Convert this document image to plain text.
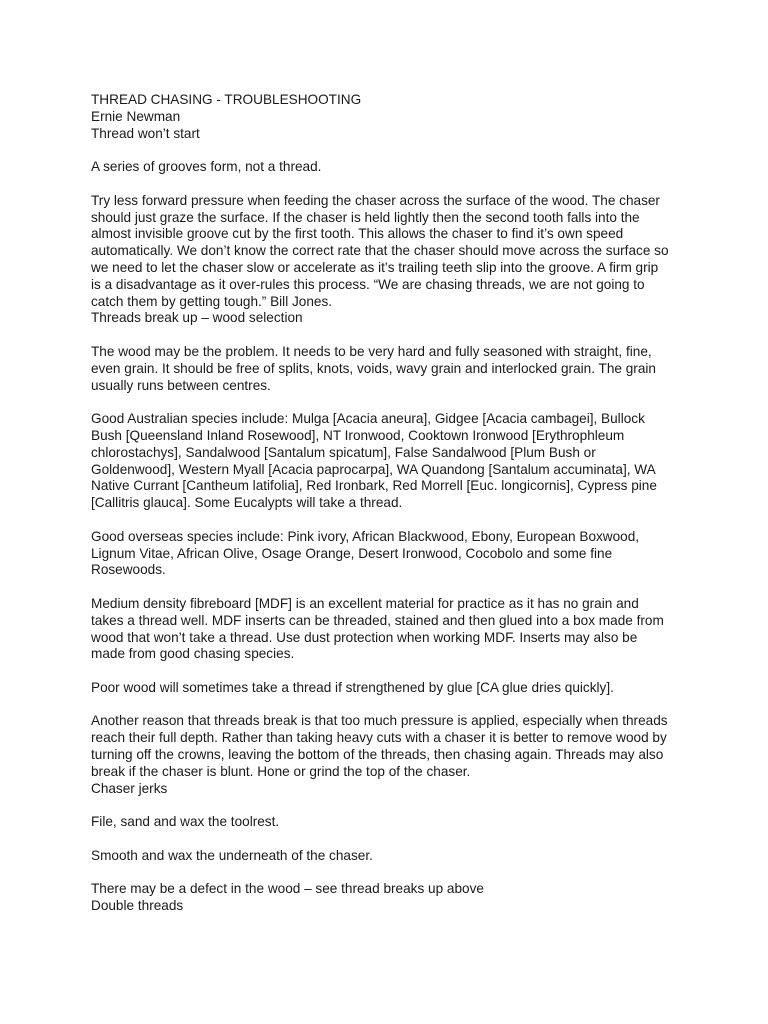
THREAD CHASING - TROUBLESHOOTING
Ernie Newman
Thread won’t start
A series of grooves form, not a thread.
Try less forward pressure when feeding the chaser across the surface of the wood. The chaser
should just graze the surface. If the chaser is held lightly then the second tooth falls into the
almost invisible groove cut by the first tooth. This allows the chaser to find it’s own speed
automatically. We don’t know the correct rate that the chaser should move across the surface so
we need to let the chaser slow or accelerate as it’s trailing teeth slip into the groove. A firm grip
is a disadvantage as it over-rules this process. “We are chasing threads, we are not going to
catch them by getting tough.” Bill Jones.
Threads break up – wood selection
The wood may be the problem. It needs to be very hard and fully seasoned with straight, fine,
even grain. It should be free of splits, knots, voids, wavy grain and interlocked grain. The grain
usually runs between centres.
Good Australian species include: Mulga [Acacia aneura], Gidgee [Acacia cambagei], Bullock
Bush [Queensland Inland Rosewood], NT Ironwood, Cooktown Ironwood [Erythrophleum
chlorostachys], Sandalwood [Santalum spicatum], False Sandalwood [Plum Bush or
Goldenwood], Western Myall [Acacia paprocarpa], WA Quandong [Santalum accuminata], WA
Native Currant [Cantheum latifolia], Red Ironbark, Red Morrell [Euc. longicornis], Cypress pine
[Callitris glauca]. Some Eucalypts will take a thread.
Good overseas species include: Pink ivory, African Blackwood, Ebony, European Boxwood,
Lignum Vitae, African Olive, Osage Orange, Desert Ironwood, Cocobolo and some fine
Rosewoods.
Medium density fibreboard [MDF] is an excellent material for practice as it has no grain and
takes a thread well. MDF inserts can be threaded, stained and then glued into a box made from
wood that won’t take a thread. Use dust protection when working MDF. Inserts may also be
made from good chasing species.
Poor wood will sometimes take a thread if strengthened by glue [CA glue dries quickly].
Another reason that threads break is that too much pressure is applied, especially when threads
reach their full depth. Rather than taking heavy cuts with a chaser it is better to remove wood by
turning off the crowns, leaving the bottom of the threads, then chasing again. Threads may also
break if the chaser is blunt. Hone or grind the top of the chaser.
Chaser jerks
File, sand and wax the toolrest.
Smooth and wax the underneath of the chaser.
There may be a defect in the wood – see thread breaks up above
Double threads
